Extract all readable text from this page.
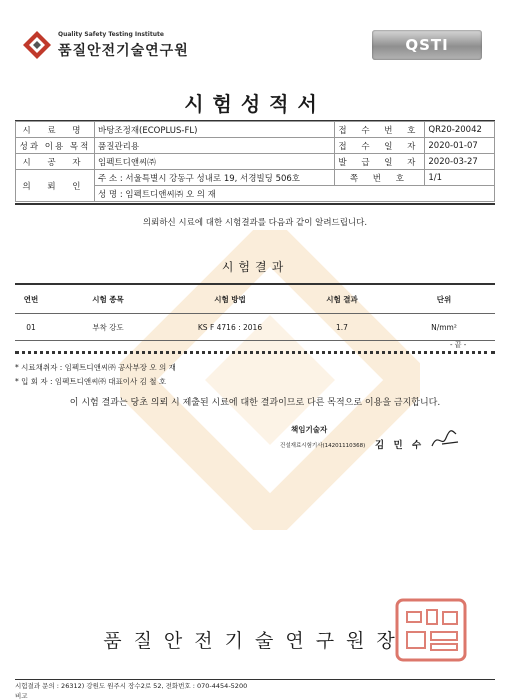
Quality Safety Testing Institute
품질안전기술연구원	QSTI
시험성적서
시 료 명	바탕조정재(ECOPLUS-FL)	접 수 번 호	QR20-20042
성과 이용 목적	품질관리용	접 수 일 자	2020-01-07
시 공 자	임펙트디앤씨㈜	발 급 일 자	2020-03-27
의 뢰 인	주 소 : 서울특별시 강동구 성내로 19, 서경빌딩 506호	쪽 번 호	1/1
	성 명 : 임펙트디앤씨㈜ 오 의 재		
의뢰하신 시료에 대한 시험결과를 다음과 같이 알려드립니다.
시험결과
연번	시험 종목	시험 방법	시험 결과	단위
01	부착 강도	KS F 4716 : 2016	1.7	N/mm²
- 끝 -
* 시료채취자 : 임펙트디앤씨㈜ 공사부장 오 의 재
* 입 회 자 : 임펙트디앤씨㈜ 대표이사 김 철 호
이 시험 결과는 당초 의뢰 시 제출된 시료에 대한 결과이므로 다른 목적으로 이용을 금지합니다.
책임기술자
건설재료시험기사(14201110368) 김 민 수
품질안전기술연구원장
시험결과 문의 : 26312) 강원도 원주시 장수2로 52, 전화번호 : 070-4454-5200
비고
